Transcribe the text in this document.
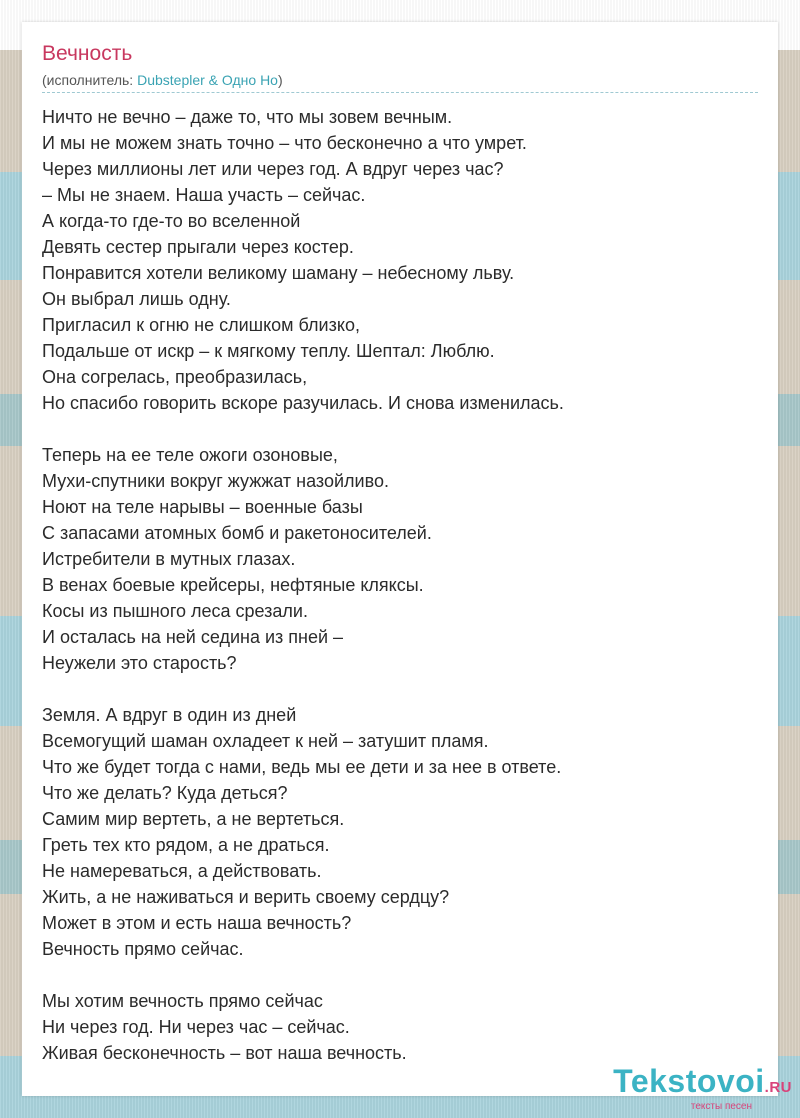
Вечность
(исполнитель: Dubstepler & Одно Но)
Ничто не вечно – даже то, что мы зовем вечным.
И мы не можем знать точно – что бесконечно а что умрет.
Через миллионы лет или через год. А вдруг через час?
– Мы не знаем. Наша участь – сейчас.
А когда-то где-то во вселенной
Девять сестер прыгали через костер.
Понравится хотели великому шаману – небесному льву.
Он выбрал лишь одну.
Пригласил к огню не слишком близко,
Подальше от искр – к мягкому теплу. Шептал: Люблю.
Она согрелась, преобразилась,
Но спасибо говорить вскоре разучилась. И снова изменилась.
Теперь на ее теле ожоги озоновые,
Мухи-спутники вокруг жужжат назойливо.
Ноют на теле нарывы – военные базы
С запасами атомных бомб и ракетоносителей.
Истребители в мутных глазах.
В венах боевые крейсеры, нефтяные кляксы.
Косы из пышного леса срезали.
И осталась на ней седина из пней –
Неужели это старость?
Земля. А вдруг в один из дней
Всемогущий шаман охладеет к ней – затушит пламя.
Что же будет тогда с нами, ведь мы ее дети и за нее в ответе.
Что же делать? Куда деться?
Самим мир вертеть, а не вертеться.
Греть тех кто рядом, а не драться.
Не намереваться, а действовать.
Жить, а не наживаться и верить своему сердцу?
Может в этом и есть наша вечность?
Вечность прямо сейчас.
Мы хотим вечность прямо сейчас
Ни через год. Ни через час – сейчас.
Живая бесконечность – вот наша вечность.
Tekstovoi.RU
тексты песен
